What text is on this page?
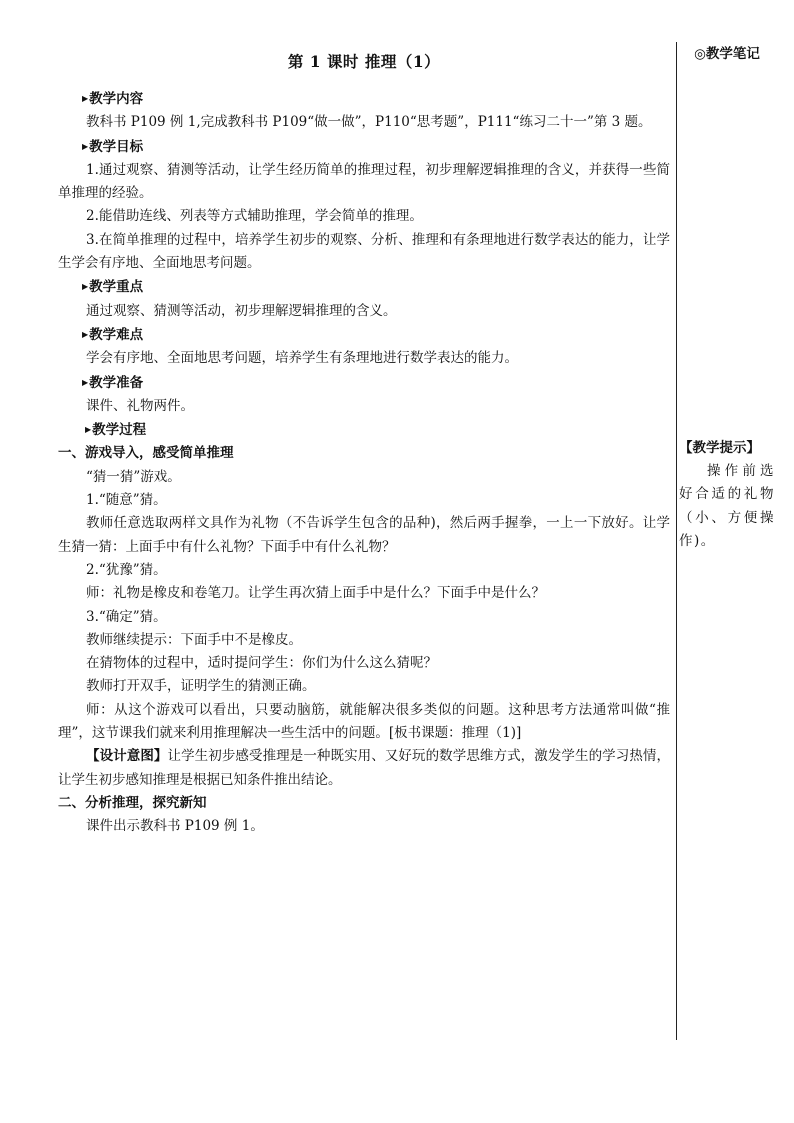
第 1 课时 推理（1）
▶教学内容

教科书 P109 例 1,完成教科书 P109“做一做”，P110“思考题”，P111“练习二十一”第 3 题。

▶教学目标

1.通过观察、猜测等活动，让学生经历简单的推理过程，初步理解逻辑推理的含义，并获得一些简单推理的经验。

2.能借助连线、列表等方式辅助推理，学会简单的推理。

3.在简单推理的过程中，培养学生初步的观察、分析、推理和有条理地进行数学表达的能力，让学生学会有序地、全面地思考问题。

▶教学重点

通过观察、猜测等活动，初步理解逻辑推理的含义。

▶教学难点

学会有序地、全面地思考问题，培养学生有条理地进行数学表达的能力。

▶教学准备

课件、礼物两件。

▶教学过程

一、游戏导入，感受简单推理

“猜一猜”游戏。

1.“随意”猜。

教师任意选取两样文具作为礼物（不告诉学生包含的品种)，然后两手握拳，一上一下放好。让学生猜一猜：上面手中有什么礼物？下面手中有什么礼物？

2.“犹豫”猜。

师：礼物是橡皮和卷笔刀。让学生再次猜上面手中是什么？下面手中是什么？

3.“确定”猜。

教师继续提示：下面手中不是橡皮。

在猜物体的过程中，适时提问学生：你们为什么这么猜呢？

教师打开双手，证明学生的猜测正确。

师：从这个游戏可以看出，只要动脑筋，就能解决很多类似的问题。这种思考方法通常叫做“推理”，这节课我们就来利用推理解决一些生活中的问题。[板书课题：推理（1)]

【设计意图】让学生初步感受推理是一种既实用、又好玩的数学思维方式，激发学生的学习热情，让学生初步感知推理是根据已知条件推出结论。

二、分析推理，探究新知

课件出示教科书 P109 例 1。

◎教学笔记
【教学提示】
操作前选好合适的礼物（小、方便操作)。
